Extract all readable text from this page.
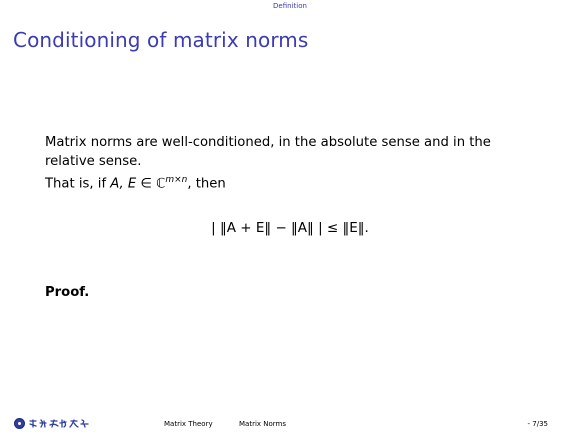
Definition
Conditioning of matrix norms

Matrix norms are well-conditioned, in the absolute sense and in the

relative sense.

That is, if A, E ∈ ℂ$^{m\times n}$, then

| ‖A + E‖ − ‖A‖ | ≤ ‖E‖.
Proof.
Matrix Theory	Matrix Norms	- 7/35
